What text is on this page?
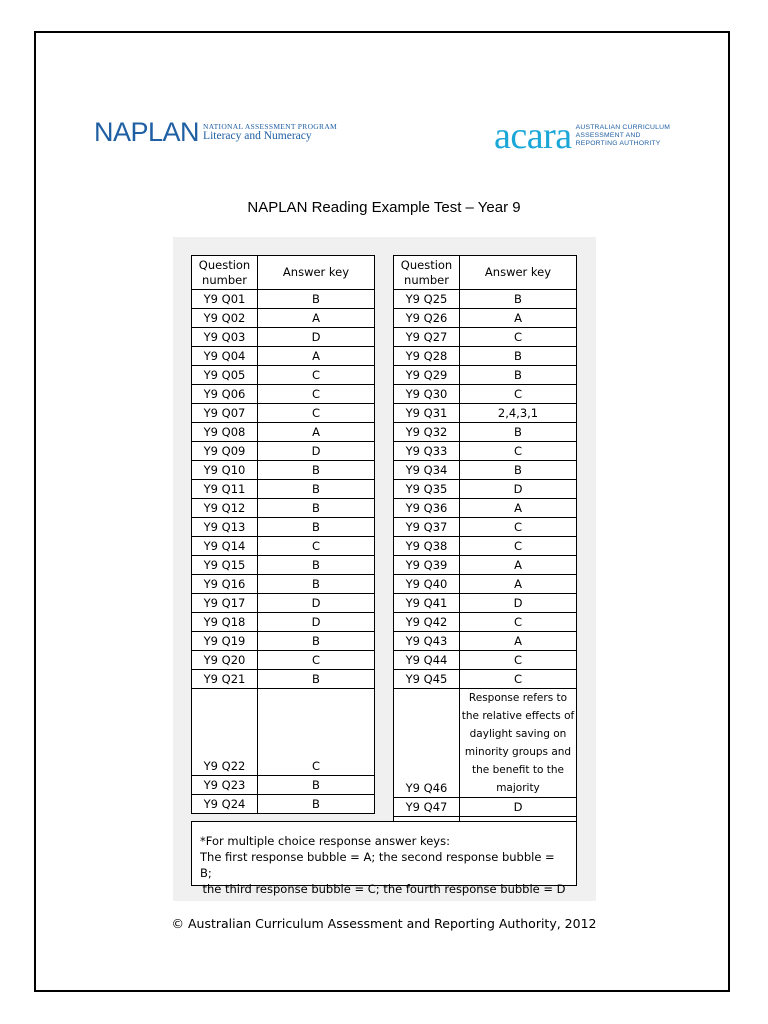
NAPLAN NATIONAL ASSESSMENT PROGRAM
Literacy and Numeracy	acara AUSTRALIAN CURRICULUM
ASSESSMENT AND
REPORTING AUTHORITY
NAPLAN Reading Example Test – Year 9
Question number	Answer key
Y9 Q01	B
Y9 Q02	A
Y9 Q03	D
Y9 Q04	A
Y9 Q05	C
Y9 Q06	C
Y9 Q07	C
Y9 Q08	A
Y9 Q09	D
Y9 Q10	B
Y9 Q11	B
Y9 Q12	B
Y9 Q13	B
Y9 Q14	C
Y9 Q15	B
Y9 Q16	B
Y9 Q17	D
Y9 Q18	D
Y9 Q19	B
Y9 Q20	C
Y9 Q21	B
Y9 Q22	C
Y9 Q23	B
Y9 Q24	B
Question number	Answer key
Y9 Q25	B
Y9 Q26	A
Y9 Q27	C
Y9 Q28	B
Y9 Q29	B
Y9 Q30	C
Y9 Q31	2,4,3,1
Y9 Q32	B
Y9 Q33	C
Y9 Q34	B
Y9 Q35	D
Y9 Q36	A
Y9 Q37	C
Y9 Q38	C
Y9 Q39	A
Y9 Q40	A
Y9 Q41	D
Y9 Q42	C
Y9 Q43	A
Y9 Q44	C
Y9 Q45	C
Y9 Q46	Response refers to the relative effects of daylight saving on minority groups and the benefit to the majority
Y9 Q47	D

*For multiple choice response answer keys:
The first response bubble = A; the second response bubble = B;
the third response bubble = C; the fourth response bubble = D
© Australian Curriculum Assessment and Reporting Authority, 2012
